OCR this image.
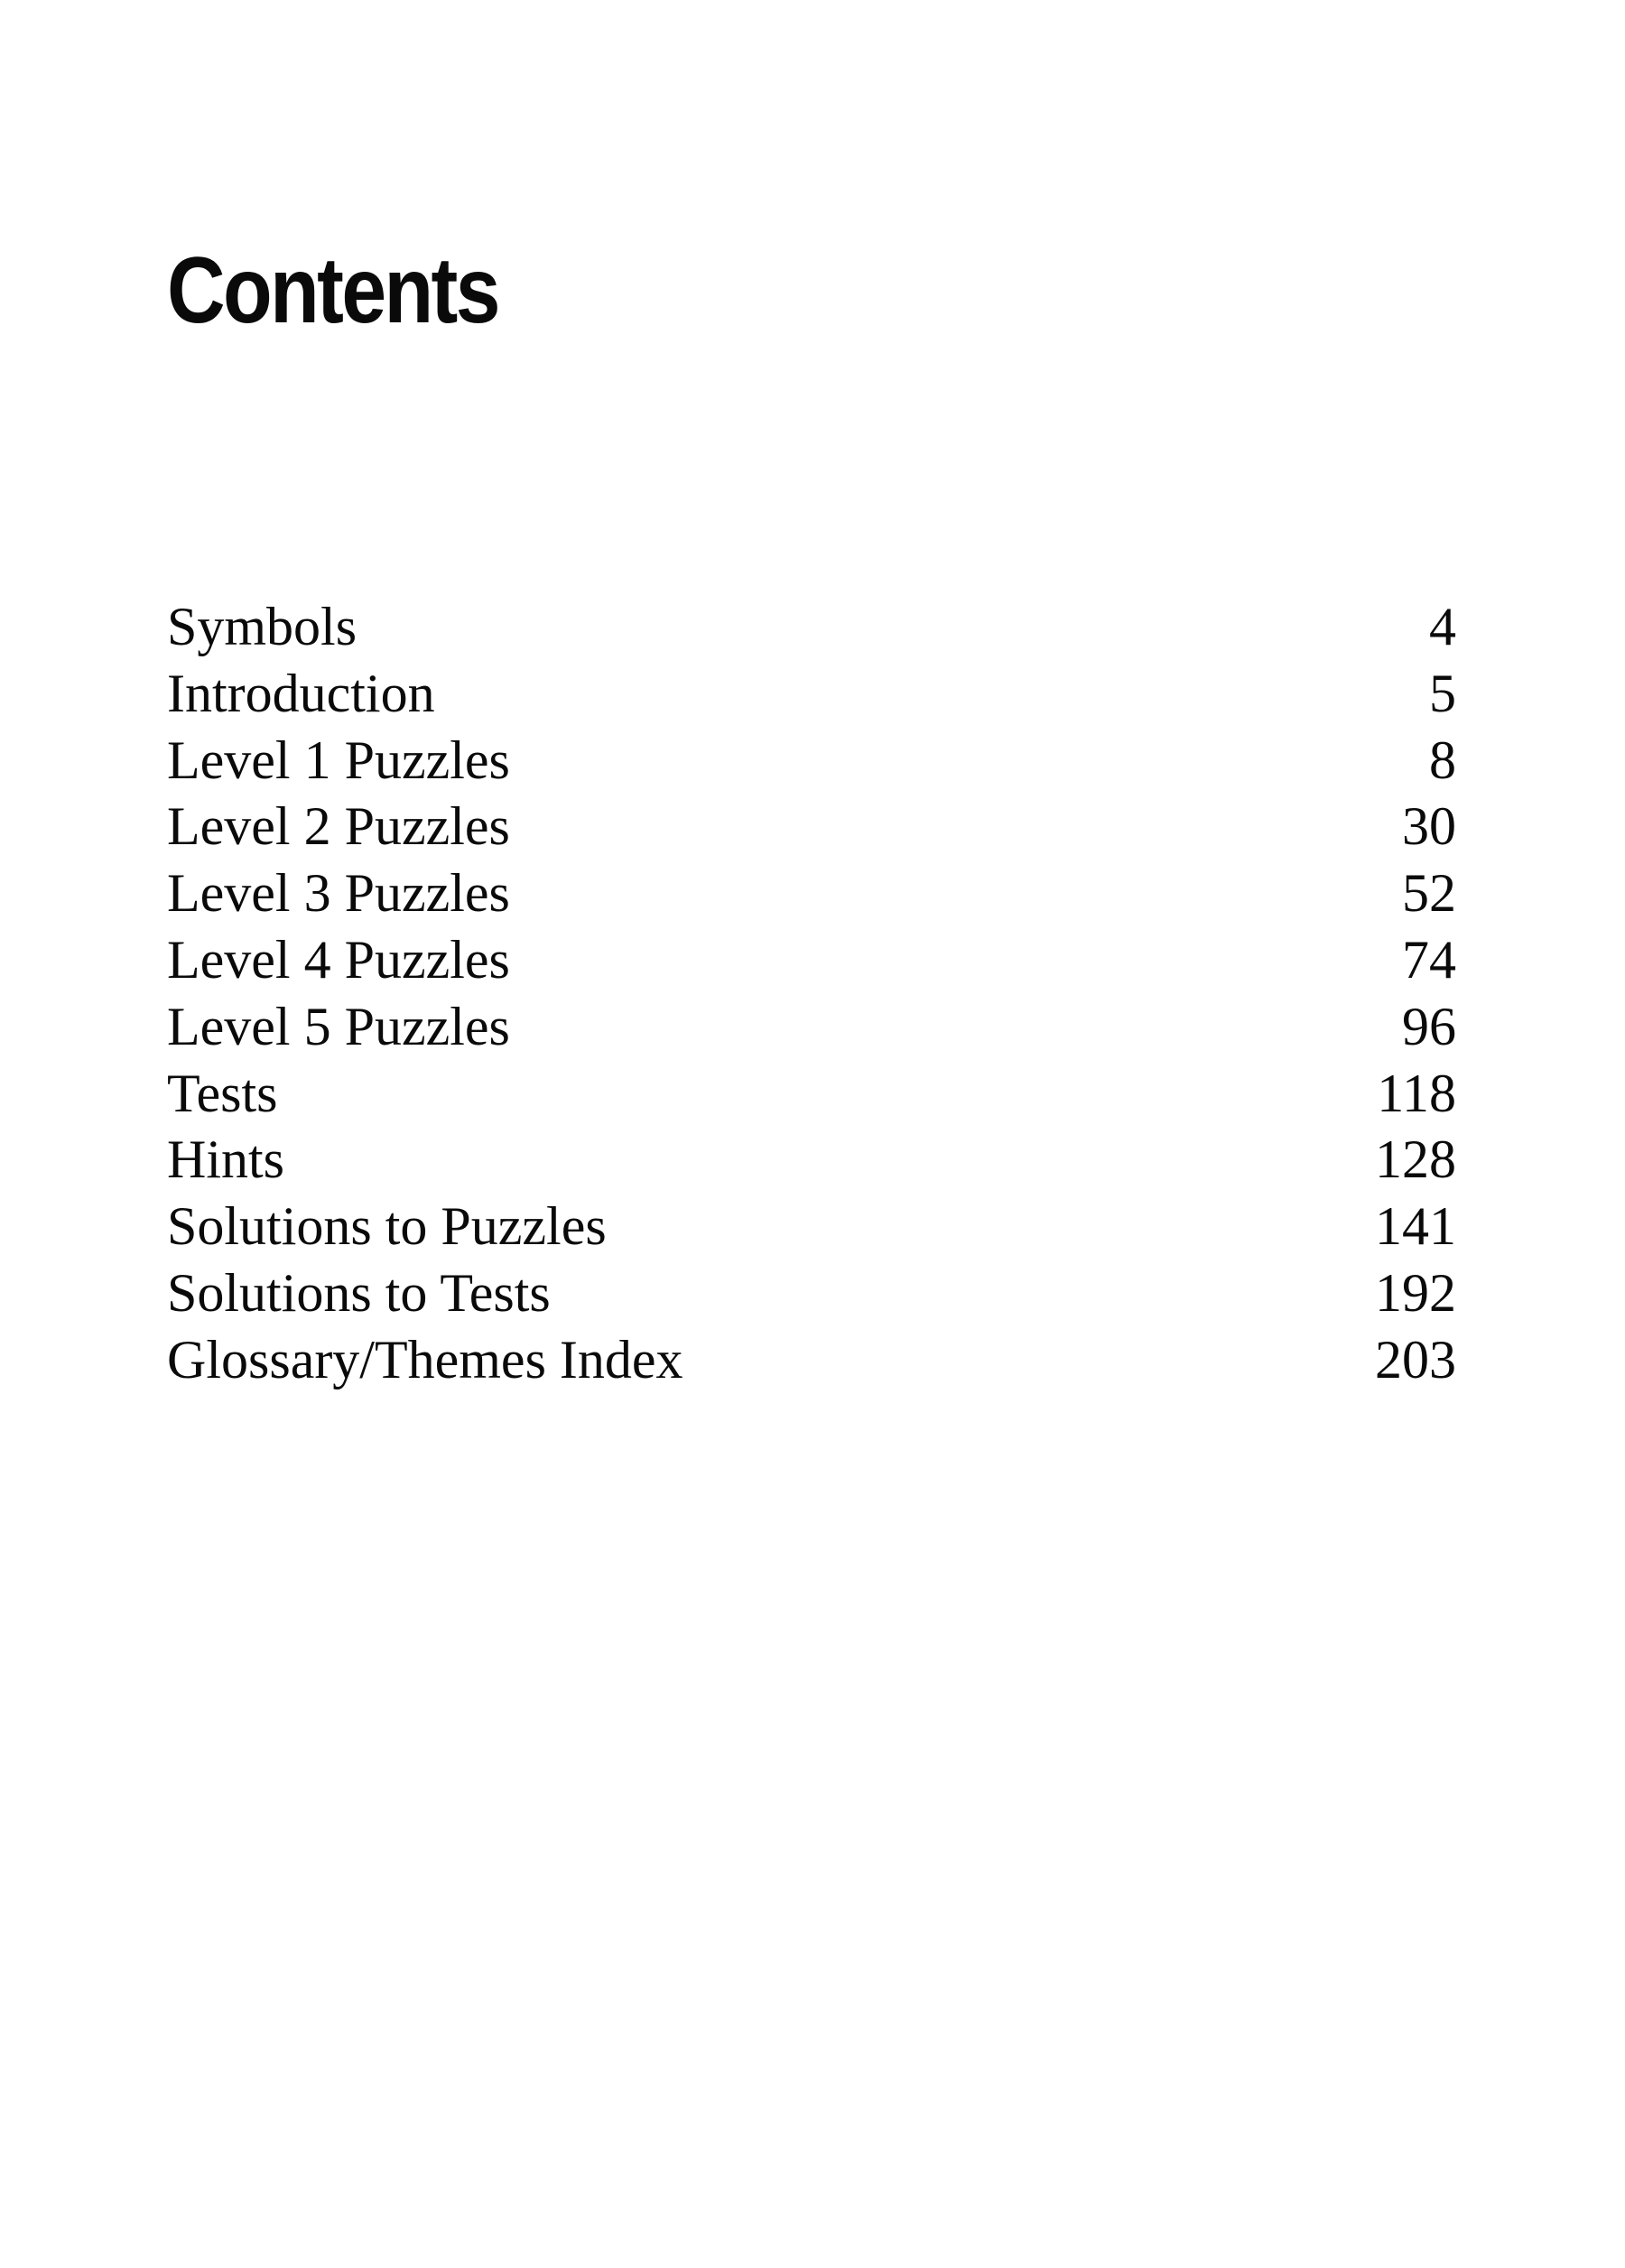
Contents
Symbols	4
Introduction	5
Level 1 Puzzles	8
Level 2 Puzzles	30
Level 3 Puzzles	52
Level 4 Puzzles	74
Level 5 Puzzles	96
Tests	118
Hints	128
Solutions to Puzzles	141
Solutions to Tests	192
Glossary/Themes Index	203
